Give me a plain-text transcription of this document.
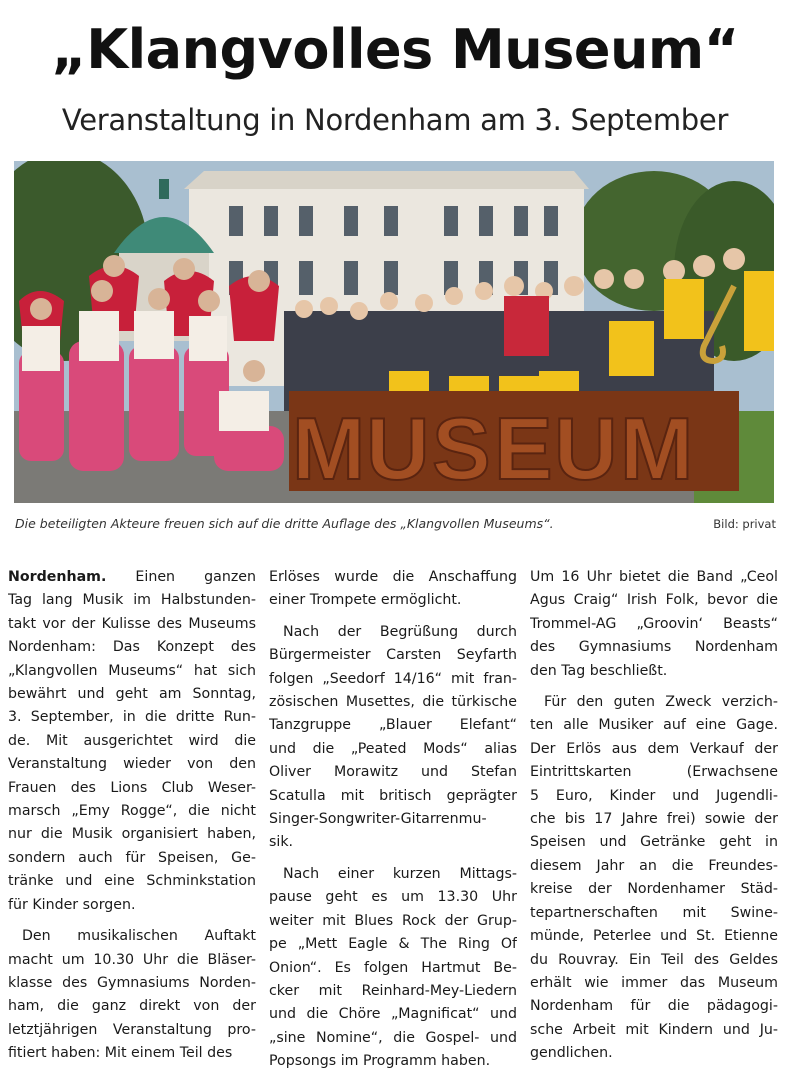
„Klangvolles Museum“
Veranstaltung in Nordenham am 3. September
M U S E U M
Die beteiligten Akteure freuen sich auf die dritte Auflage des „Klangvollen Museums“.	Bild: privat
Nordenham. Einen ganzen
Tag lang Musik im Halbstunden-
takt vor der Kulisse des Museums
Nordenham: Das Konzept des
„Klangvollen Museums“ hat sich
bewährt und geht am Sonntag,
3. September, in die dritte Run-
de. Mit ausgerichtet wird die
Veranstaltung wieder von den
Frauen des Lions Club Weser-
marsch „Emy Rogge“, die nicht
nur die Musik organisiert haben,
sondern auch für Speisen, Ge-
tränke und eine Schminkstation
für Kinder sorgen.
Den musikalischen Auftakt
macht um 10.30 Uhr die Bläser-
klasse des Gymnasiums Norden-
ham, die ganz direkt von der
letztjährigen Veranstaltung pro-
fitiert haben: Mit einem Teil des
Erlöses wurde die Anschaffung
einer Trompete ermöglicht.
Nach der Begrüßung durch
Bürgermeister Carsten Seyfarth
folgen „Seedorf 14/16“ mit fran-
zösischen Musettes, die türkische
Tanzgruppe „Blauer Elefant“
und die „Peated Mods“ alias
Oliver Morawitz und Stefan
Scatulla mit britisch geprägter
Singer-Songwriter-Gitarrenmu-
sik.
Nach einer kurzen Mittags-
pause geht es um 13.30 Uhr
weiter mit Blues Rock der Grup-
pe „Mett Eagle & The Ring Of
Onion“. Es folgen Hartmut Be-
cker mit Reinhard-Mey-Liedern
und die Chöre „Magnificat“ und
„sine Nomine“, die Gospel- und
Popsongs im Programm haben.
Um 16 Uhr bietet die Band „Ceol
Agus Craig“ Irish Folk, bevor die
Trommel-AG „Groovin‘ Beasts“
des Gymnasiums Nordenham
den Tag beschließt.
Für den guten Zweck verzich-
ten alle Musiker auf eine Gage.
Der Erlös aus dem Verkauf der
Eintrittskarten (Erwachsene
5 Euro, Kinder und Jugendli-
che bis 17 Jahre frei) sowie der
Speisen und Getränke geht in
diesem Jahr an die Freundes-
kreise der Nordenhamer Städ-
tepartnerschaften mit Swine-
münde, Peterlee und St. Etienne
du Rouvray. Ein Teil des Geldes
erhält wie immer das Museum
Nordenham für die pädagogi-
sche Arbeit mit Kindern und Ju-
gendlichen.
